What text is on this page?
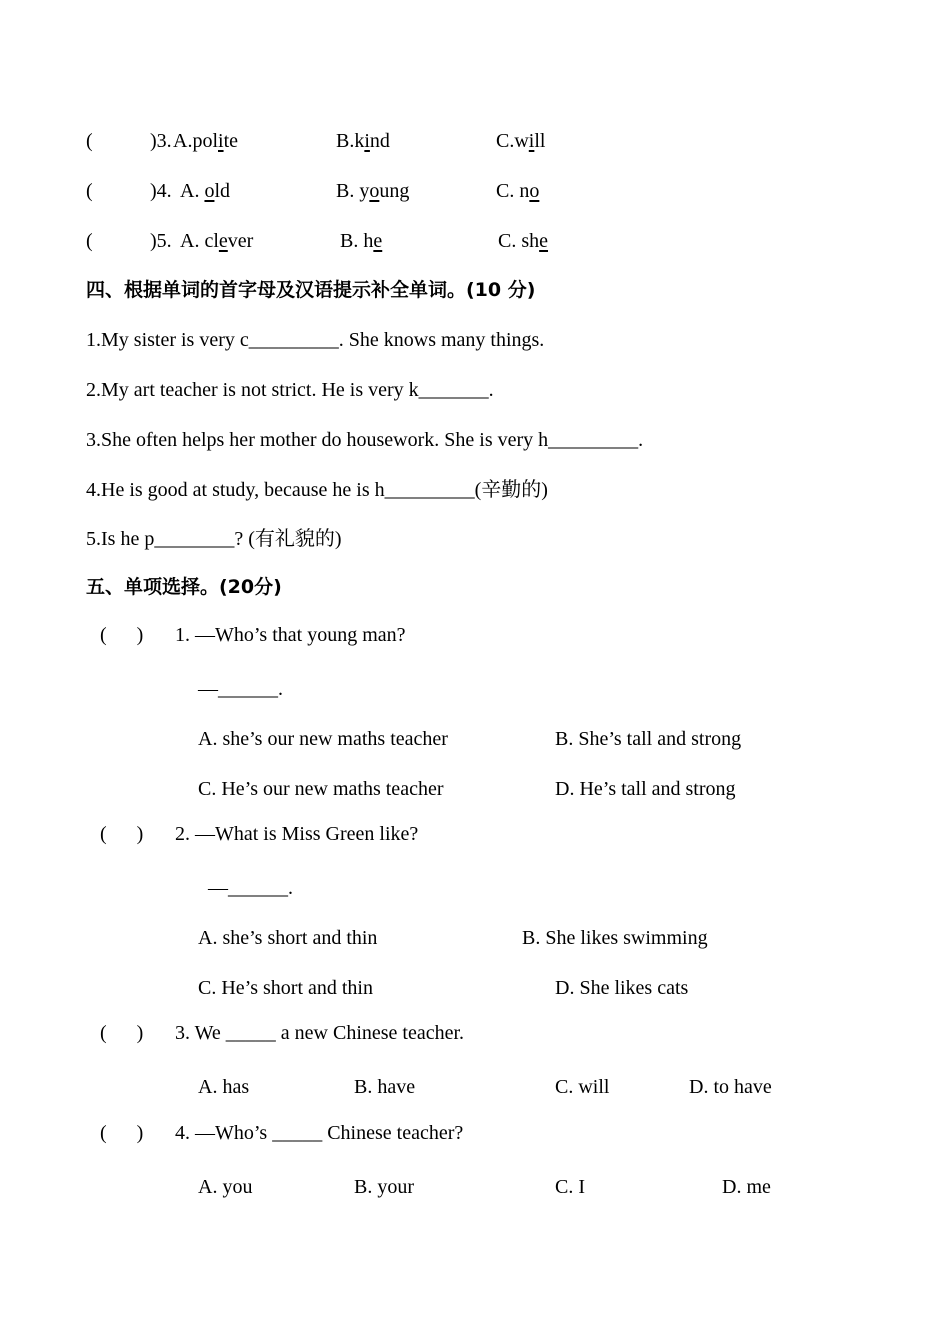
(	)3. A.polite	B.kind	C.will
(	)4. A. old	B. young	C. no
(	)5. A. clever	B. he	C. she
四、根据单词的首字母及汉语提示补全单词。(10 分)
1.My sister is very c_________. She knows many things.
2.My art teacher is not strict. He is very k_______.
3.She often helps her mother do housework. She is very h_________.
4.He is good at study, because he is h_________(辛勤的)
5.Is he p________? (有礼貌的)
五、单项选择。(20分)
(      ) 1. —Who’s that young man?
—______.
A. she’s our new maths teacher	B. She’s tall and strong
C. He’s our new maths teacher	D. He’s tall and strong
(      ) 2. —What is Miss Green like?
—______.
A. she’s short and thin	B. She likes swimming
C. He’s short and thin	D. She likes cats
(      ) 3. We _____ a new Chinese teacher.
A. has	B. have	C. will	D. to have
(      ) 4. —Who’s _____ Chinese teacher?
A. you	B. your	C. I	D. me
